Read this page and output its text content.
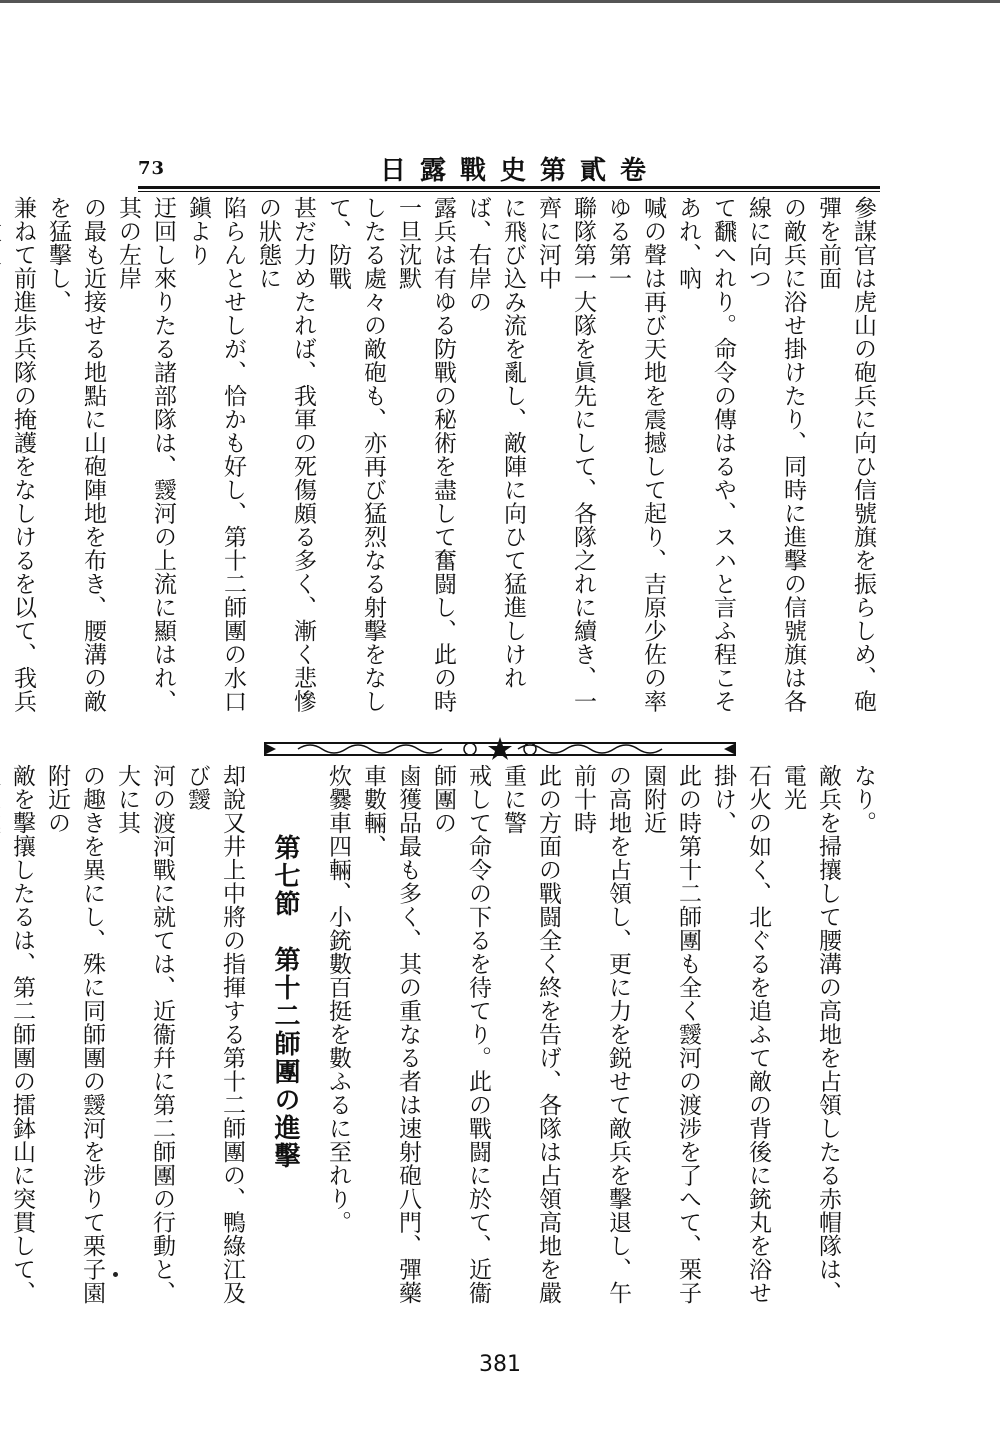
73	日露戰史第貳卷

參謀官は虎山の砲兵に向ひ信號旗を振らしめ、砲彈を前面

の敵兵に浴せ掛けたり、同時に進擊の信號旗は各線に向つ

て飜へれり。命令の傳はるや、スハと言ふ程こそあれ、吶

喊の聲は再び天地を震撼して起り、吉原少佐の率ゆる第一

聯隊第一大隊を眞先にして、各隊之れに續き、一齊に河中

に飛び込み流を亂し、敵陣に向ひて猛進しければ、右岸の

露兵は有ゆる防戰の秘術を盡して奮闘し、此の時一旦沈默

したる處々の敵砲も、亦再び猛烈なる射擊をなして、防戰

甚だ力めたれば、我軍の死傷頗る多く、漸く悲慘の狀態に

陷らんとせしが、恰かも好し、第十二師團の水口鎭より

迂回し來りたる諸部隊は、靉河の上流に顯はれ、其の左岸

の最も近接せる地點に山砲陣地を布き、腰溝の敵を猛擊し、

兼ねて前進歩兵隊の掩護をなしけるを以て、我兵

なり。

敵兵を掃攘して腰溝の高地を占領したる赤帽隊は、電光

石火の如く、北ぐるを追ふて敵の背後に銃丸を浴せ掛け、

此の時第十二師團も全く靉河の渡涉を了へて、栗子園附近

の高地を占領し、更に力を鋭せて敵兵を擊退し、午前十時

此の方面の戰闘全く終を告げ、各隊は占領高地を嚴重に警

戒して命令の下るを待てり。此の戰闘に於て、近衞師團の

鹵獲品最も多く、其の重なる者は速射砲八門、彈藥車數輛、

炊爨車四輛、小銃數百挺を數ふるに至れり。

第七節　第十二師團の進擊

却說又井上中將の指揮する第十二師團の、鴨綠江及び靉

河の渡河戰に就ては、近衞幷に第二師團の行動と、大に其

の趣きを異にし、殊に同師團の靉河を涉りて栗子園附近の

敵を擊攘したるは、第二師團の擂鉢山に突貫して、

381
